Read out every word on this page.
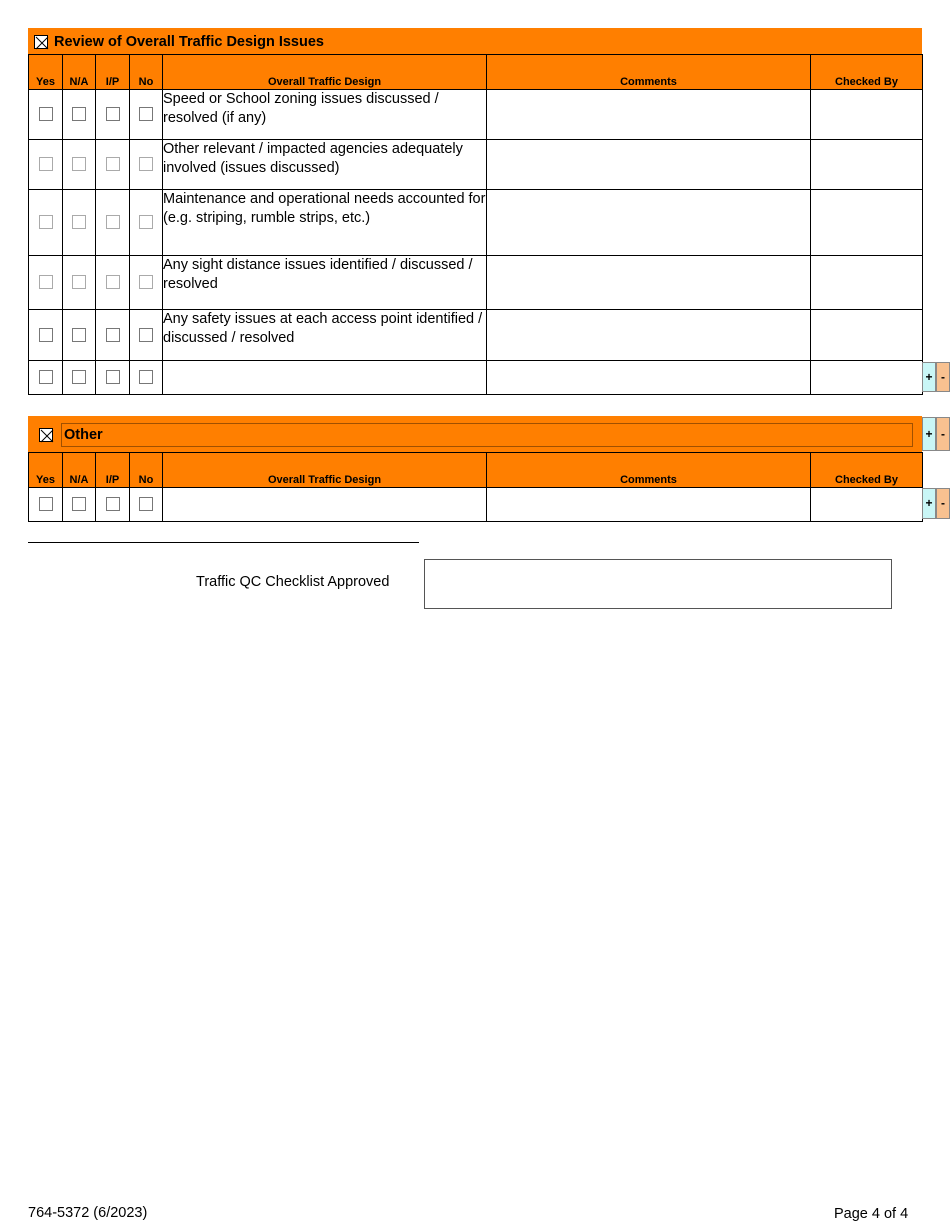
Review of Overall Traffic Design Issues
Yes	N/A	I/P	No	Overall Traffic Design	Comments	Checked By
				Speed or School zoning issues discussed / resolved (if any)		
				Other relevant / impacted agencies adequately involved (issues discussed)		
				Maintenance and operational needs accounted for (e.g. striping, rumble strips, etc.)		
				Any sight distance issues identified / discussed / resolved		
				Any safety issues at each access point identified / discussed / resolved		

+ -
Other	+ -
Yes	N/A	I/P	No	Overall Traffic Design	Comments	Checked By

+ -
Traffic QC Checklist Approved
764-5372 (6/2023)	Page 4 of 4
